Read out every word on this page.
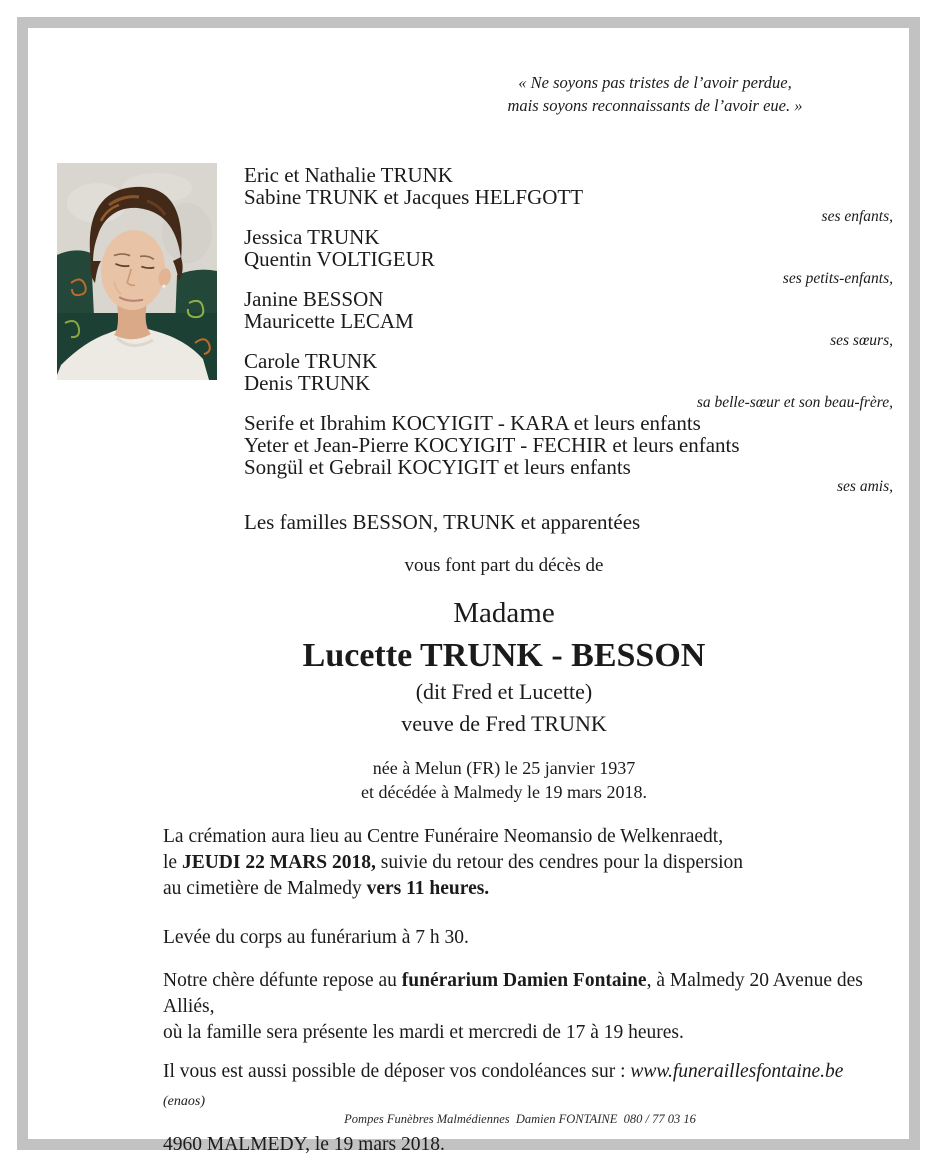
« Ne soyons pas tristes de l’avoir perdue,
mais soyons reconnaissants de l’avoir eue. »
Eric et Nathalie TRUNK
Sabine TRUNK et Jacques HELFGOTT
ses enfants,
Jessica TRUNK
Quentin VOLTIGEUR
ses petits-enfants,
Janine BESSON
Mauricette LECAM
ses sœurs,
Carole TRUNK
Denis TRUNK
sa belle-sœur et son beau-frère,
Serife et Ibrahim KOCYIGIT - KARA et leurs enfants
Yeter et Jean-Pierre KOCYIGIT - FECHIR et leurs enfants
Songül et Gebrail KOCYIGIT et leurs enfants
ses amis,
Les familles BESSON, TRUNK et apparentées
vous font part du décès de
Madame
Lucette TRUNK - BESSON
(dit Fred et Lucette)
veuve de Fred TRUNK
née à Melun (FR) le 25 janvier 1937
et décédée à Malmedy le 19 mars 2018.

La crémation aura lieu au Centre Funéraire Neomansio de Welkenraedt,
le JEUDI 22 MARS 2018, suivie du retour des cendres pour la dispersion
au cimetière de Malmedy vers 11 heures.

Levée du corps au funérarium à 7 h 30.

Notre chère défunte repose au funérarium Damien Fontaine, à Malmedy 20 Avenue des Alliés,
où la famille sera présente les mardi et mercredi de 17 à 19 heures.

Il vous est aussi possible de déposer vos condoléances sur : www.funeraillesfontaine.be (enaos)

4960 MALMEDY, le 19 mars 2018.

Pompes Funèbres Malmédiennes  Damien FONTAINE  080 / 77 03 16
